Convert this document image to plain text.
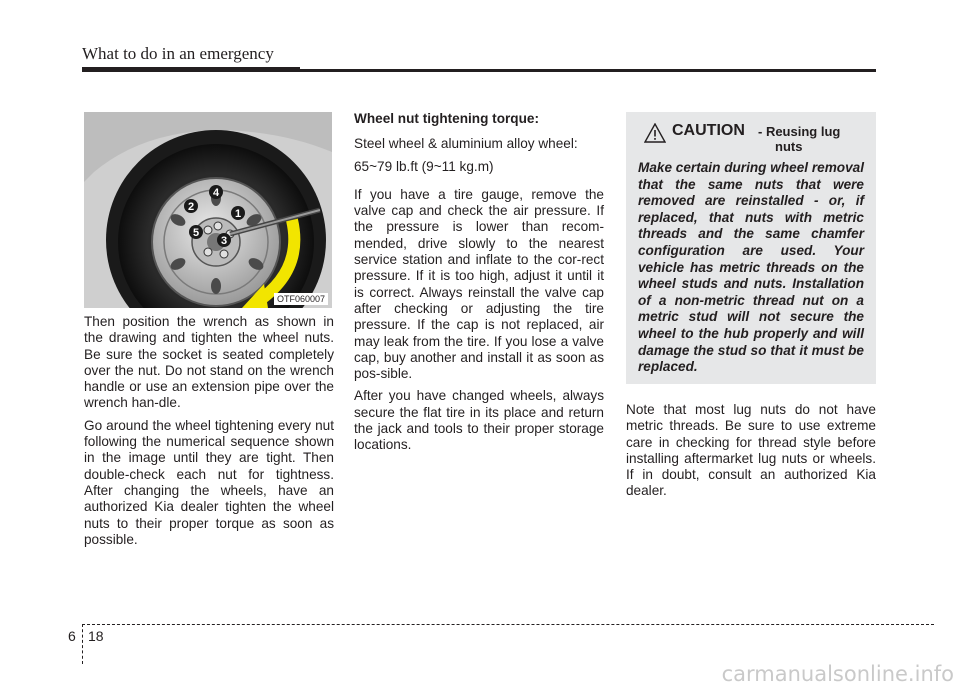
What to do in an emergency
1
2
3
4
5
OTF060007

Then position the wrench as shown in the drawing and tighten the wheel nuts. Be sure the socket is seated completely over the nut. Do not stand on the wrench handle or use an extension pipe over the wrench han-dle.

Go around the wheel tightening every nut following the numerical sequence shown in the image until they are tight. Then double-check each nut for tightness. After changing the wheels, have an authorized Kia dealer tighten the wheel nuts to their proper torque as soon as possible.

Wheel nut tightening torque:

Steel wheel & aluminium alloy wheel:

65~79 lb.ft (9~11 kg.m)

If you have a tire gauge, remove the valve cap and check the air pressure. If the pressure is lower than recom-mended, drive slowly to the nearest service station and inflate to the cor-rect pressure. If it is too high, adjust it until it is correct. Always reinstall the valve cap after checking or adjusting the tire pressure. If the cap is not replaced, air may leak from the tire. If you lose a valve cap, buy another and install it as soon as pos-sible.

After you have changed wheels, always secure the flat tire in its place and return the jack and tools to their proper storage locations.

CAUTION - Reusing lug
nuts

Make certain during wheel removal that the same nuts that were removed are reinstalled - or, if replaced, that nuts with metric threads and the same chamfer configuration are used. Your vehicle has metric threads on the wheel studs and nuts. Installation of a non-metric thread nut on a metric stud will not secure the wheel to the hub properly and will damage the stud so that it must be replaced.

Note that most lug nuts do not have metric threads. Be sure to use extreme care in checking for thread style before installing aftermarket lug nuts or wheels. If in doubt, consult an authorized Kia dealer.

6 18
carmanualsonline.info
